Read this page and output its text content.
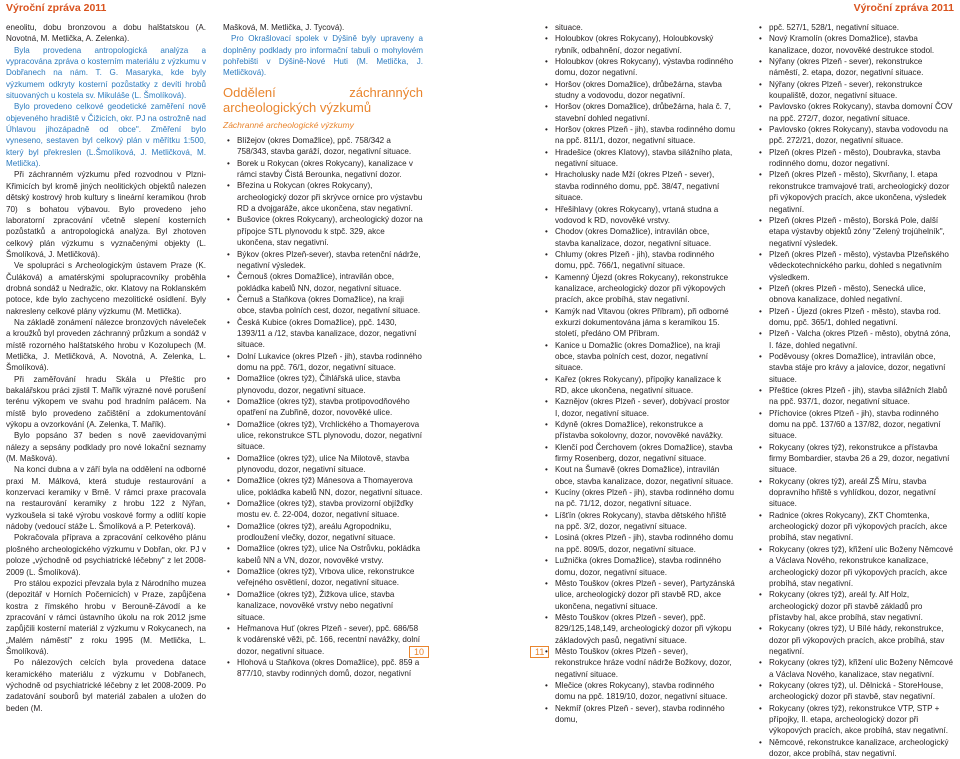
Výroční zpráva 2011

eneolitu, dobu bronzovou a dobu halštatskou (A. Novotná, M. Metlička, A. Zelenka).

Byla provedena antropologická analýza a vypracována zpráva o kosterním materiálu z výzkumu v Dobřanech na nám. T. G. Masaryka, kde byly výzkumem odkryty kosterní pozůstatky z devíti hrobů situovaných u kostela sv. Mikuláše (L. Šmolíková).

Bylo provedeno celkové geodetické zaměření nově objeveného hradiště v Čižicích, okr. PJ na ostrožně nad Úhlavou jihozápadně od obce". Změření bylo vyneseno, sestaven byl celkový plán v měřítku 1:500, který byl překreslen (L.Šmolíková, J. Metličková, M. Metlička).

Při záchranném výzkumu před rozvodnou v Plzni-Křimicích byl kromě jiných neolitických objektů nalezen dětský kostrový hrob kultury s lineární keramikou (hrob 70) s bohatou výbavou. Bylo provedeno jeho laboratorní zpracování včetně slepení kosterních pozůstatků a antropologická analýza. Byl zhotoven celkový plán výzkumu s vyznačenými objekty (L. Šmolíková, J. Metličková).

Ve spolupráci s Archeologickým ústavem Praze (K. Čuláková) a amatérskými spolupracovníky proběhla drobná sondáž u Nedražic, okr. Klatovy na Roklanském potoce, kde bylo zachyceno mezolitické osídlení. Byly nakresleny celkové plány výzkumu (M. Metlička).

Na základě zonámení nálezce bronzových náveleček a kroužků byl proveden záchranný průzkum a sondáž v místě rozorného halštatského hrobu v Kozolupech (M. Metlička, J. Metličková, A. Novotná, A. Zelenka, L. Šmolíková).

Při zaměřování hradu Skála u Přeštic pro bakalářskou práci zjistil T. Mařík výrazné nové porušení terénu výkopem ve svahu pod hradním palácem. Na místě bylo provedeno začištění a zdokumentování výkopu a ovzorkování (A. Zelenka, T. Mařík).

Bylo popsáno 37 beden s nově zaevidovanými nálezy a sepsány podklady pro nové lokační seznamy (M. Mašková).

Na konci dubna a v září byla na oddělení na odborné praxi M. Málková, která studuje restaurování a konzervaci keramiky v Brně. V rámci praxe pracovala na restaurování keramiky z hrobu 122 z Nýřan, vyzkoušela si také výrobu voskové formy a odlití kopie nádoby (vedoucí stáže L. Šmolíková a P. Peterková).

Pokračovala příprava a zpracování celkového plánu plošného archeologického výzkumu v Dobřan, okr. PJ v poloze „východně od psychiatrické léčebny" z let 2008-2009 (L. Šmolíková).

Pro stálou expozici převzala byla z Národního muzea (depozitář v Horních Počernicích) v Praze, zapůjčena kostra z římského hrobu v Berouně-Závodí a ke zpracování v rámci ústavního úkolu na rok 2012 jsme zapůjčili kosterní materiál z výzkumu v Rokycanech, na „Malém náměstí" z roku 1995 (M. Metlička, L. Šmolíková).

Po nálezových celcích byla provedena datace keramického materiálu z výzkumu v Dobřanech, východně od psychiatrické léčebny z let 2008-2009. Po zadatování souborů byl materiál zabalen a uložen do beden (M.

Mašková, M. Metlička, J. Tycová).

Pro Okrašlovací spolek v Dýšině byly upraveny a doplněny podklady pro informační tabuli o mohylovém pohřebišti v Dýšině-Nové Huti (M. Metlička, J. Metličková).

Oddělení záchranných archeologických výzkumů
Záchranné archeologické výzkumy
• Blížejov (okres Domažlice), ppč. 758/342 a 758/343, stavba garáží, dozor, negativní situace.
• Borek u Rokycan (okres Rokycany), kanalizace v rámci stavby Čistá Berounka, negativní dozor.
• Březina u Rokycan (okres Rokycany), archeologický dozor při skrývce ornice pro výstavbu RD a dvojgaráže, akce ukončena, stav negativní.
• Bušovice (okres Rokycany), archeologický dozor na přípojce STL plynovodu k stpč. 329, akce ukončena, stav negativní.
• Býkov (okres Plzeň-sever), stavba retenční nádrže, negativní výsledek.
• Černouš (okres Domažlice), intravilán obce, pokládka kabelů NN, dozor, negativní situace.
• Černuš a Staňkova (okres Domažlice), na kraji obce, stavba polních cest, dozor, negativní situace.
• Česká Kubice (okres Domažlice), ppč. 1430, 1393/11 a /12, stavba kanalizace, dozor, negativní situace.
• Dolní Lukavice (okres Plzeň - jih), stavba rodinného domu na ppč. 76/1, dozor, negativní situace.
• Domažlice (okres týž), Čihlářská ulice, stavba plynovodu, dozor, negativní situace.
• Domažlice (okres týž), stavba protipovodňového opatření na Zubřině, dozor, novověké ulice.
• Domažlice (okres týž), Vrchlického a Thomayerova ulice, rekonstrukce STL plynovodu, dozor, negativní situace.
• Domažlice (okres týž), ulice Na Milotově, stavba plynovodu, dozor, negativní situace.
• Domažlice (okres týž) Mánesova a Thomayerova ulice, pokládka kabelů NN, dozor, negativní situace.
• Domažlice (okres týž), stavba provizorní objížďky mostu ev. č. 22-004, dozor, negativní situace.
• Domažlice (okres týž), areálu Agropodniku, prodloužení vlečky, dozor, negativní situace.
• Domažlice (okres týž), ulice Na Ostrůvku, pokládka kabelů NN a VN, dozor, novověké vrstvy.
• Domažlice (okres týž), Vrbova ulice, rekonstrukce veřejného osvětlení, dozor, negativní situace.
• Domažlice (okres týž), Žižkova ulice, stavba kanalizace, novověké vrstvy nebo negativní situace.
• Heřmanova Huť (okres Plzeň - sever), ppč. 686/58 k vodárenské věži, pč. 166, recentní navážky, dolní dozor, negativní situace.
• Hlohová u Staňkova (okres Domažlice), ppč. 859 a 877/10, stavby rodinných domů, dozor, negativní
10
Výroční zpráva 2011
• situace.
• Holoubkov (okres Rokycany), Holoubkovský rybník, odbahnění, dozor negativní.
• Holoubkov (okres Rokycany), výstavba rodinného domu, dozor negativní.
• Horšov (okres Domažlice), drůbežárna, stavba studny a vodovodu, dozor negativní.
• Horšov (okres Domažlice), drůbežárna, hala č. 7, stavební dohled negativní.
• Horšov (okres Plzeň - jih), stavba rodinného domu na ppč. 811/1, dozor, negativní situace.
• Hradešice (okres Klatovy), stavba silážního plata, negativní situace.
• Hracholusky nade Mží (okres Plzeň - sever), stavba rodinného domu, ppč. 38/47, negativní situace.
• Hřešihlavy (okres Rokycany), vrtaná studna a vodovod k RD, novověké vrstvy.
• Chodov (okres Domažlice), intravilán obce, stavba kanalizace, dozor, negativní situace.
• Chlumy (okres Plzeň - jih), stavba rodinného domu, ppč. 766/1, negativní situace.
• Kamenný Újezd (okres Rokycany), rekonstrukce kanalizace, archeologický dozor při výkopových pracích, akce probíhá, stav negativní.
• Kamýk nad Vltavou (okres Příbram), při odborné exkurzi dokumentována jáma s keramikou 15. století, předáno OM Příbram.
• Kanice u Domažlic (okres Domažlice), na kraji obce, stavba polních cest, dozor, negativní situace.
• Kařez (okres Rokycany), přípojky kanalizace k RD, akce ukončena, negativní situace.
• Kaznějov (okres Plzeň - sever), dobývací prostor I, dozor, negativní situace.
• Kdyně (okres Domažlice), rekonstrukce a přístavba sokolovny, dozor, novověké navážky.
• Klenčí pod Čerchovem (okres Domažlice), stavba firmy Rosenberg, dozor, negativní situace.
• Kout na Šumavě (okres Domažlice), intravilán obce, stavba kanalizace, dozor, negativní situace.
• Kucíny (okres Plzeň - jih), stavba rodinného domu na pč. 71/12, dozor, negativní situace.
• Líšťín (okres Rokycany), stavba dětského hřiště na ppč. 3/2, dozor, negativní situace.
• Losiná (okres Plzeň - jih), stavba rodinného domu na ppč. 809/5, dozor, negativní situace.
• Lužnička (okres Domažlice), stavba rodinného domu, dozor, negativní situace.
• Město Touškov (okres Plzeň - sever), Partyzánská ulice, archeologický dozor při stavbě RD, akce ukončena, negativní situace.
• Město Touškov (okres Plzeň - sever), ppč. 829/125,148,149, archeologický dozor při výkopu základových pasů, negativní situace.
• Město Touškov (okres Plzeň - sever), rekonstrukce hráze vodní nádrže Božkovy, dozor, negativní situace.
• Mlečice (okres Rokycany), stavba rodinného domu na ppč. 1819/10, dozor, negativní situace.
• Nekmíř (okres Plzeň - sever), stavba rodinného domu,
• ppč. 527/1, 528/1, negativní situace.
• Nový Kramolín (okres Domažlice), stavba kanalizace, dozor, novověké destrukce stodol.
• Nýřany (okres Plzeň - sever), rekonstrukce náměstí, 2. etapa, dozor, negativní situace.
• Nýřany (okres Plzeň - sever), rekonstrukce koupaliště, dozor, negativní situace.
• Pavlovsko (okres Rokycany), stavba domovní ČOV na ppč. 272/7, dozor, negativní situace.
• Pavlovsko (okres Rokycany), stavba vodovodu na ppč. 272/21, dozor, negativní situace.
• Plzeň (okres Plzeň - město), Doubravka, stavba rodinného domu, dozor negativní.
• Plzeň (okres Plzeň - město), Skvrňany, I. etapa rekonstrukce tramvajové trati, archeologický dozor při výkopových pracích, akce ukončena, výsledek negativní.
• Plzeň (okres Plzeň - město), Borská Pole, další etapa výstavby objektů zóny "Zelený trojúhelník", negativní výsledek.
• Plzeň (okres Plzeň - město), výstavba Plzeňského vědeckotechnického parku, dohled s negativním výsledkem.
• Plzeň (okres Plzeň - město), Senecká ulice, obnova kanalizace, dohled negativní.
• Plzeň - Újezd (okres Plzeň - město), stavba rod. domu, ppč. 365/1, dohled negativní.
• Plzeň - Valcha (okres Plzeň - město), obytná zóna, I. fáze, dohled negativní.
• Poděvousy (okres Domažlice), intravilán obce, stavba stáje pro krávy a jalovice, dozor, negativní situace.
• Přeštice (okres Plzeň - jih), stavba silážních žlabů na ppč. 937/1, dozor, negativní situace.
• Příchovice (okres Plzeň - jih), stavba rodinného domu na ppč. 137/60 a 137/82, dozor, negativní situace.
• Rokycany (okres týž), rekonstrukce a přístavba firmy Bombardier, stavba 26 a 29, dozor, negativní situace.
• Rokycany (okres týž), areál ZŠ Míru, stavba dopravního hřiště s vyhlídkou, dozor, negativní situace.
• Radnice (okres Rokycany), ZKT Chomtenka, archeologický dozor při výkopových pracích, akce probíhá, stav negativní.
• Rokycany (okres týž), křižení ulic Boženy Němcové a Václava Nového, rekonstrukce kanalizace, archeologický dozor při výkopových pracích, akce probíhá, stav negativní.
• Rokycany (okres týž), areál fy. Alf Holz, archeologický dozor při stavbě základů pro přístavby hal, akce probíhá, stav negativní.
• Rokycany (okres týž), U Bílé hády, rekonstrukce, dozor při výkopových pracích, akce probíhá, stav negativní.
• Rokycany (okres týž), křižení ulic Boženy Němcové a Václava Nového, kanalizace, stav negativní.
• Rokycany (okres týž), ul. Dělnická - StoreHouse, archeologický dozor při stavbě, stav negativní.
• Rokycany (okres týž), rekonstrukce VTP, STP + přípojky, II. etapa, archeologický dozor při výkopových pracích, akce probíhá, stav negativní.
• Němcové, rekonstrukce kanalizace, archeologický dozor, akce probíhá, stav negativní.
11
